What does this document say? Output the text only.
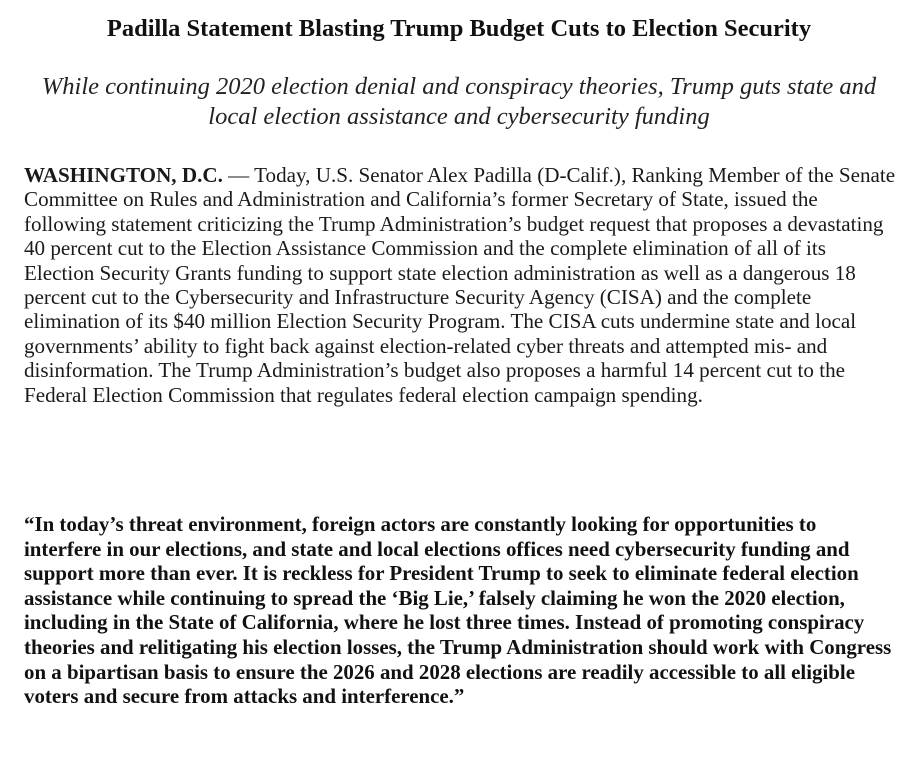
Padilla Statement Blasting Trump Budget Cuts to Election Security

While continuing 2020 election denial and conspiracy theories, Trump guts state and local election assistance and cybersecurity funding

WASHINGTON, D.C. — Today, U.S. Senator Alex Padilla (D-Calif.), Ranking Member of the Senate Committee on Rules and Administration and California’s former Secretary of State, issued the following statement criticizing the Trump Administration’s budget request that proposes a devastating 40 percent cut to the Election Assistance Commission and the complete elimination of all of its Election Security Grants funding to support state election administration as well as a dangerous 18 percent cut to the Cybersecurity and Infrastructure Security Agency (CISA) and the complete elimination of its $40 million Election Security Program. The CISA cuts undermine state and local governments’ ability to fight back against election-related cyber threats and attempted mis- and disinformation. The Trump Administration’s budget also proposes a harmful 14 percent cut to the Federal Election Commission that regulates federal election campaign spending.

“In today’s threat environment, foreign actors are constantly looking for opportunities to interfere in our elections, and state and local elections offices need cybersecurity funding and support more than ever. It is reckless for President Trump to seek to eliminate federal election assistance while continuing to spread the ‘Big Lie,’ falsely claiming he won the 2020 election, including in the State of California, where he lost three times. Instead of promoting conspiracy theories and relitigating his election losses, the Trump Administration should work with Congress on a bipartisan basis to ensure the 2026 and 2028 elections are readily accessible to all eligible voters and secure from attacks and interference.”
